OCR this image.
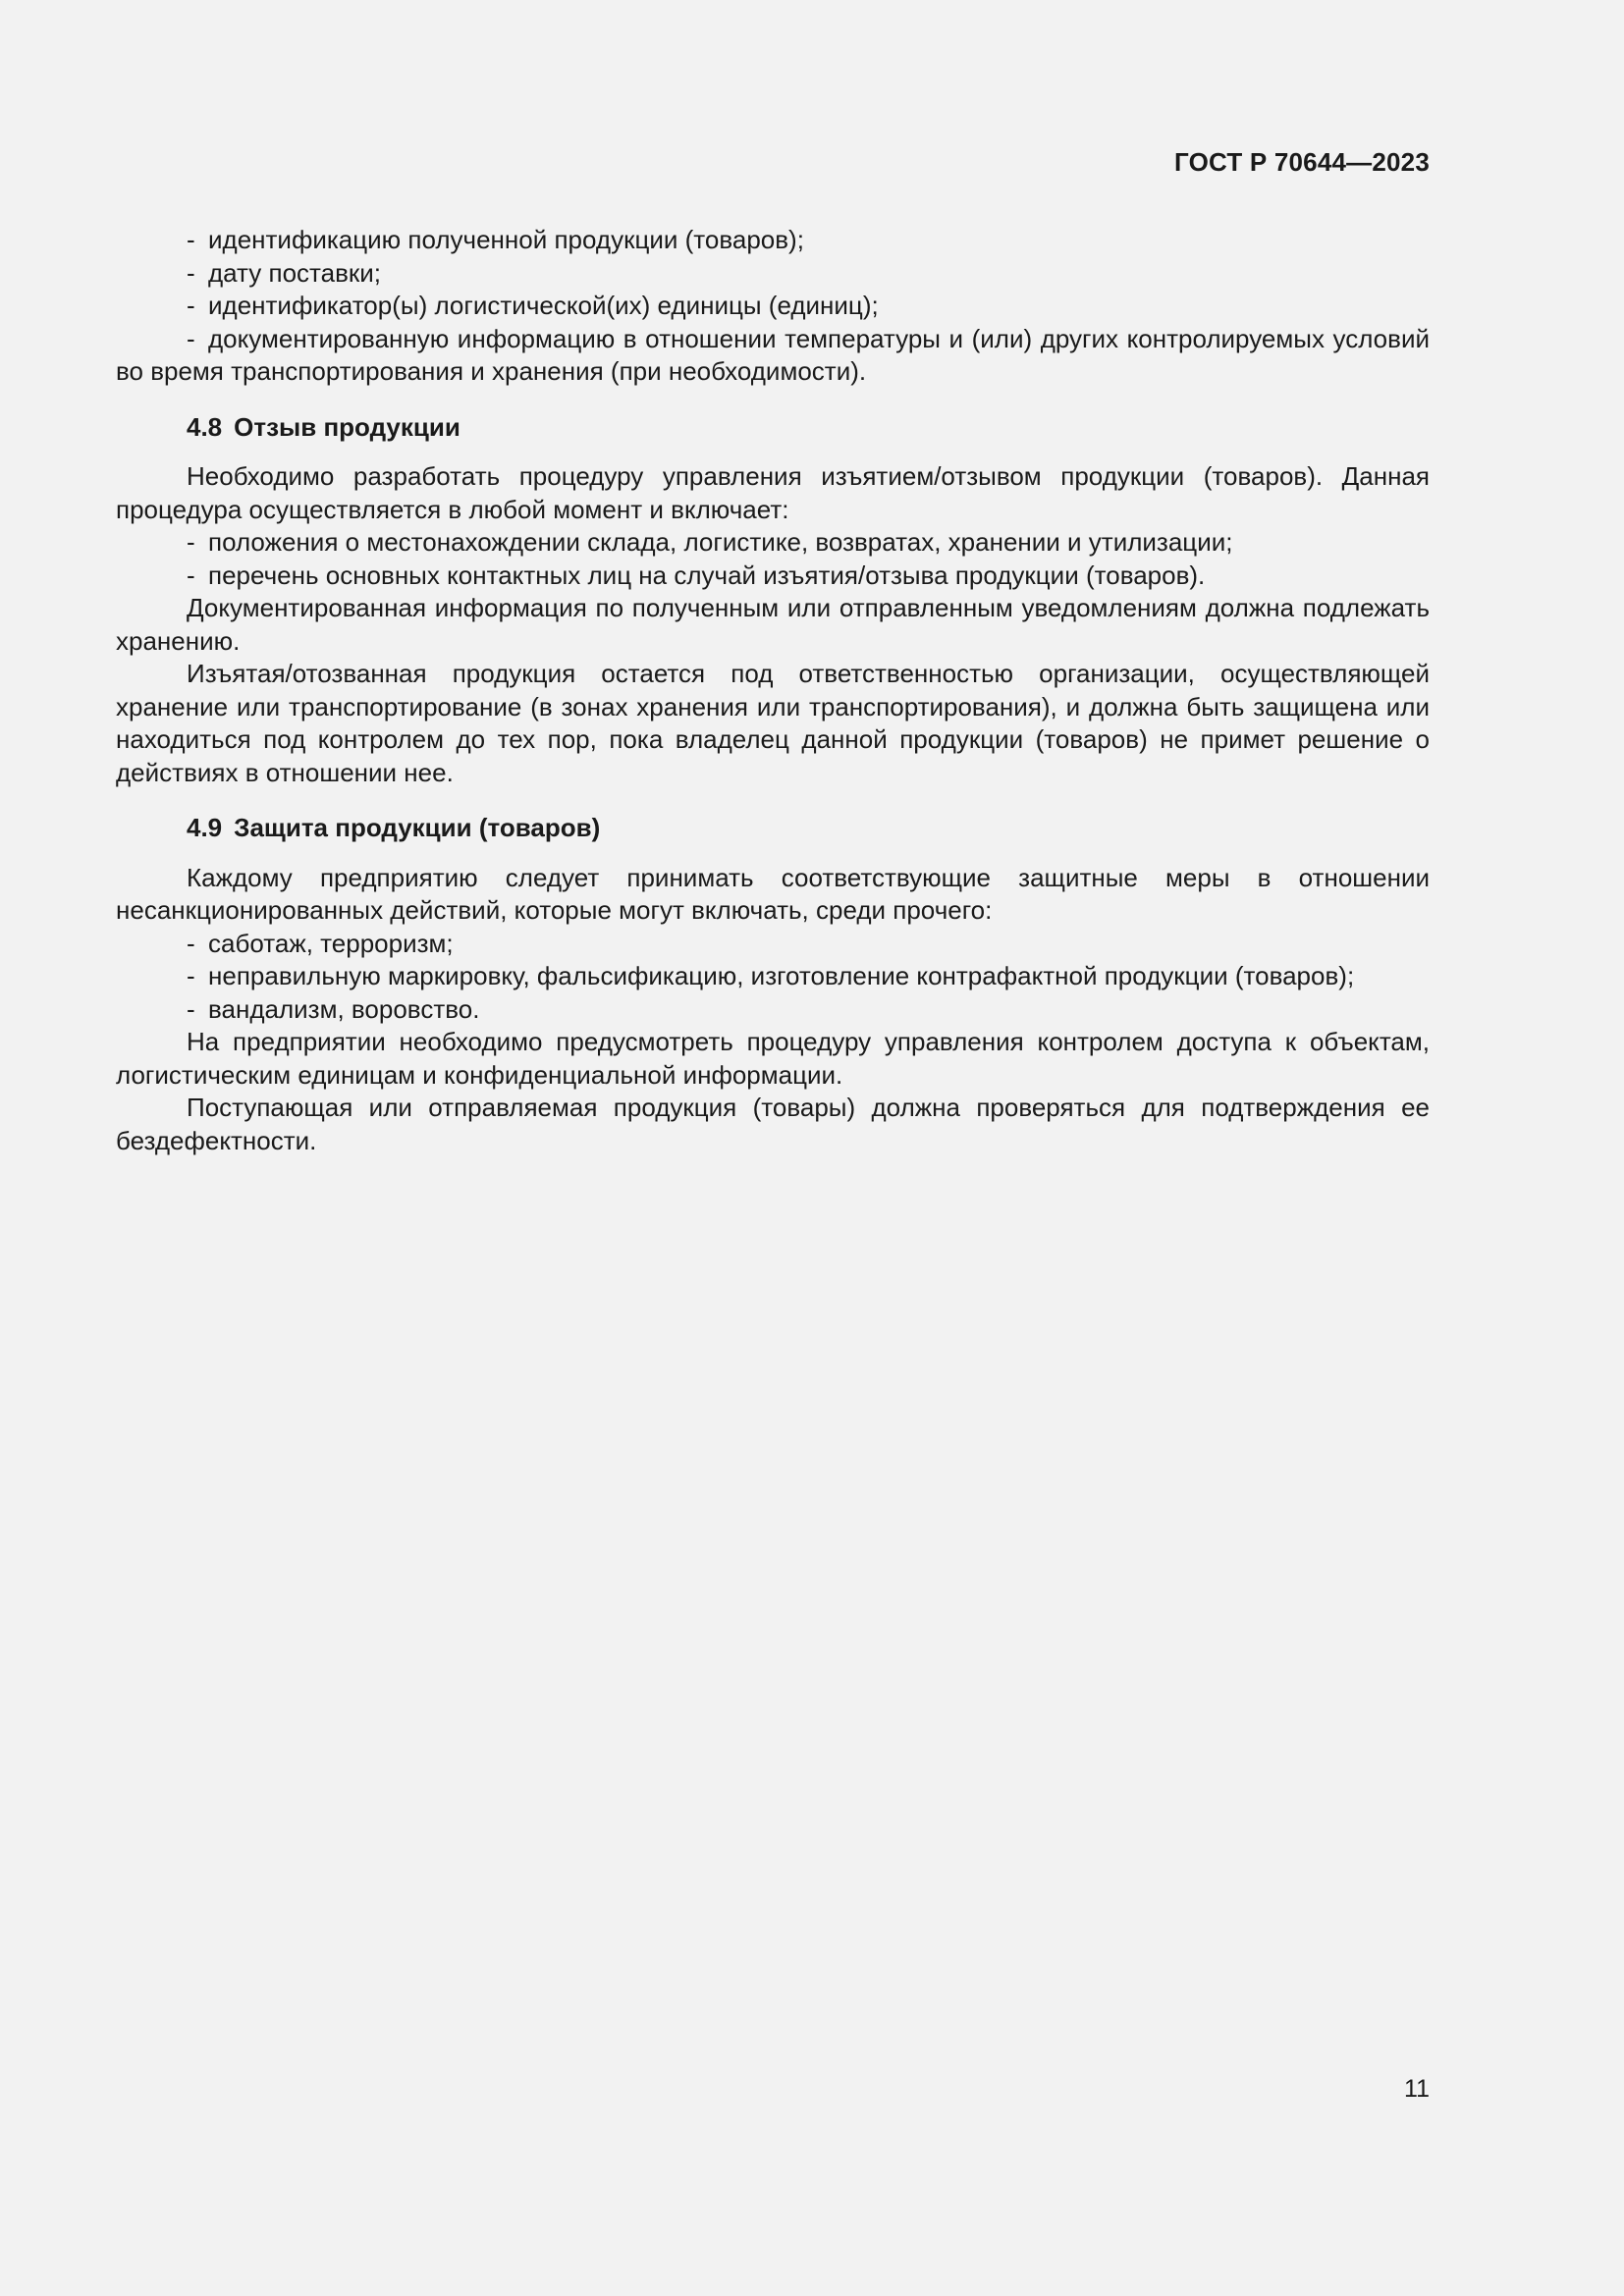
ГОСТ Р 70644—2023

- идентификацию полученной продукции (товаров);

- дату поставки;

- идентификатор(ы) логистической(их) единицы (единиц);

- документированную информацию в отношении температуры и (или) других контролируемых условий во время транспортирования и хранения (при необходимости).

4.8 Отзыв продукции

Необходимо разработать процедуру управления изъятием/отзывом продукции (товаров). Данная процедура осуществляется в любой момент и включает:

- положения о местонахождении склада, логистике, возвратах, хранении и утилизации;

- перечень основных контактных лиц на случай изъятия/отзыва продукции (товаров).

Документированная информация по полученным или отправленным уведомлениям должна подлежать хранению.

Изъятая/отозванная продукция остается под ответственностью организации, осуществляющей хранение или транспортирование (в зонах хранения или транспортирования), и должна быть защищена или находиться под контролем до тех пор, пока владелец данной продукции (товаров) не примет решение о действиях в отношении нее.

4.9 Защита продукции (товаров)

Каждому предприятию следует принимать соответствующие защитные меры в отношении несанкционированных действий, которые могут включать, среди прочего:

- саботаж, терроризм;

- неправильную маркировку, фальсификацию, изготовление контрафактной продукции (товаров);

- вандализм, воровство.

На предприятии необходимо предусмотреть процедуру управления контролем доступа к объектам, логистическим единицам и конфиденциальной информации.

Поступающая или отправляемая продукция (товары) должна проверяться для подтверждения ее бездефектности.

11
